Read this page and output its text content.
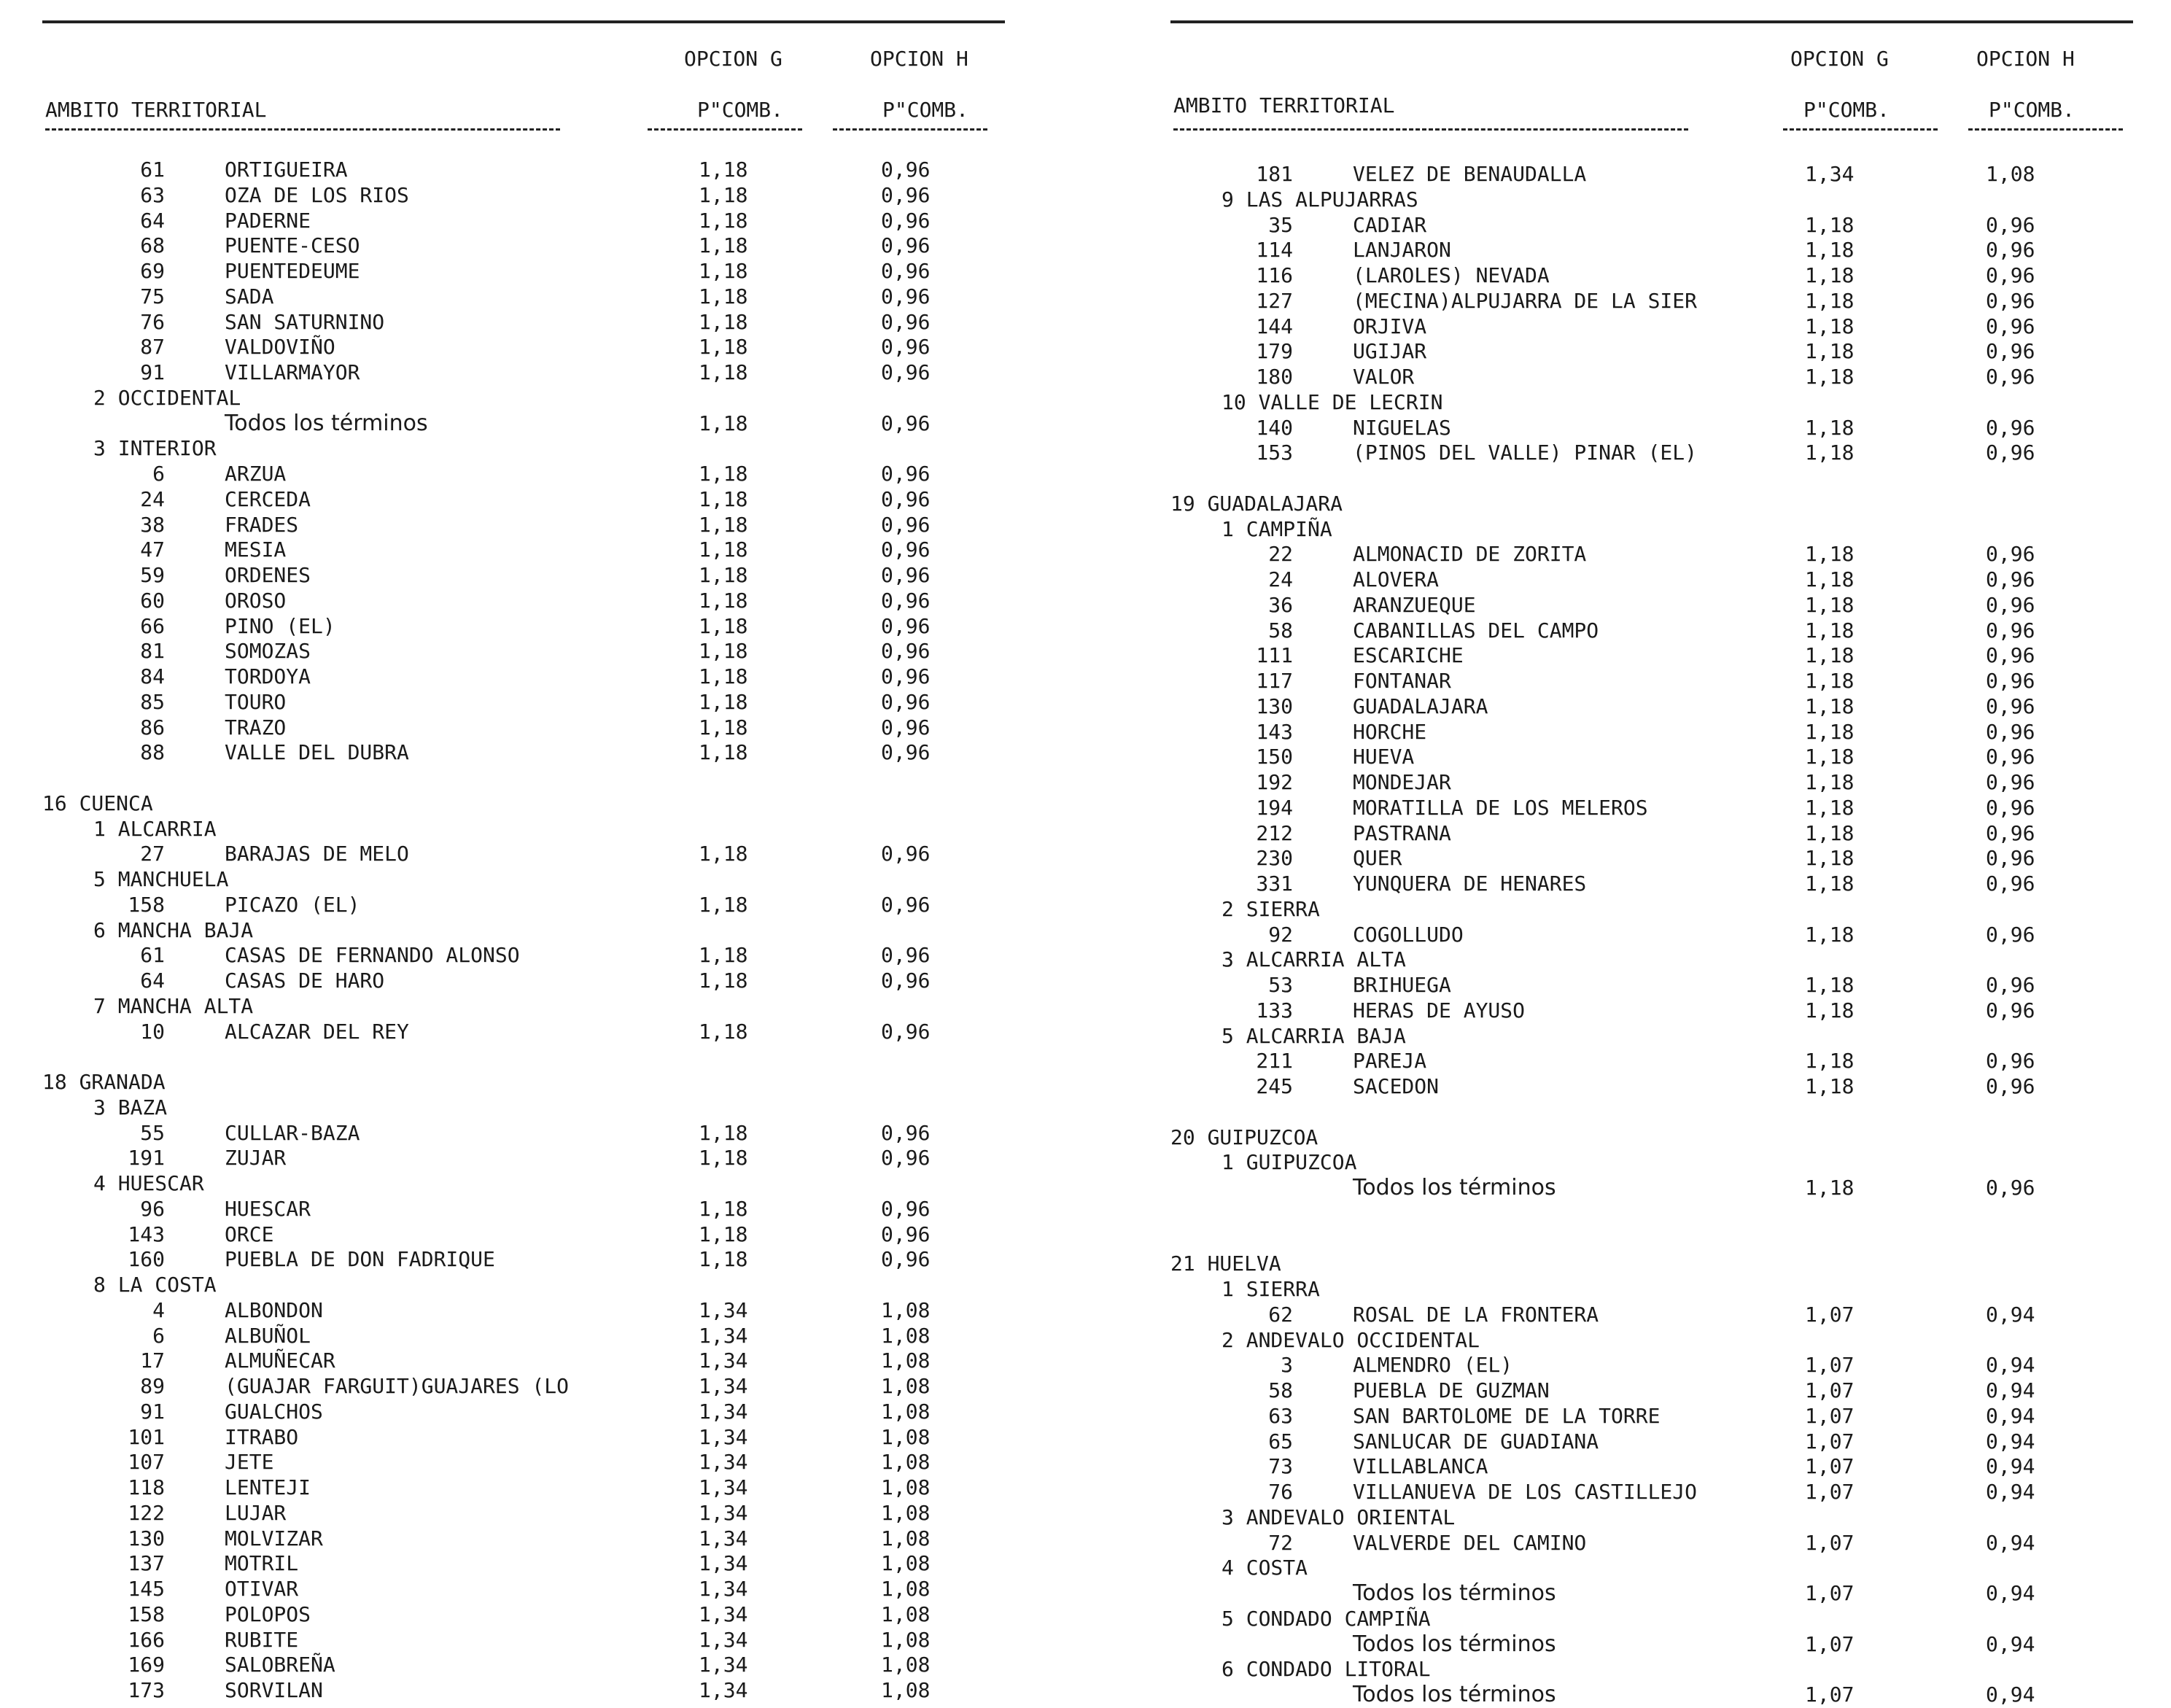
OPCION G	OPCION H
AMBITO TERRITORIAL	P"COMB.	P"COMB.
61	ORTIGUEIRA	1,18	0,96
63	OZA DE LOS RIOS	1,18	0,96
64	PADERNE	1,18	0,96
68	PUENTE-CESO	1,18	0,96
69	PUENTEDEUME	1,18	0,96
75	SADA	1,18	0,96
76	SAN SATURNINO	1,18	0,96
87	VALDOVIÑO	1,18	0,96
91	VILLARMAYOR	1,18	0,96
2 OCCIDENTAL
Todos los términos	1,18	0,96
3 INTERIOR
6	ARZUA	1,18	0,96
24	CERCEDA	1,18	0,96
38	FRADES	1,18	0,96
47	MESIA	1,18	0,96
59	ORDENES	1,18	0,96
60	OROSO	1,18	0,96
66	PINO (EL)	1,18	0,96
81	SOMOZAS	1,18	0,96
84	TORDOYA	1,18	0,96
85	TOURO	1,18	0,96
86	TRAZO	1,18	0,96
88	VALLE DEL DUBRA	1,18	0,96
16 CUENCA
1 ALCARRIA
27	BARAJAS DE MELO	1,18	0,96
5 MANCHUELA
158	PICAZO (EL)	1,18	0,96
6 MANCHA BAJA
61	CASAS DE FERNANDO ALONSO	1,18	0,96
64	CASAS DE HARO	1,18	0,96
7 MANCHA ALTA
10	ALCAZAR DEL REY	1,18	0,96
18 GRANADA
3 BAZA
55	CULLAR-BAZA	1,18	0,96
191	ZUJAR	1,18	0,96
4 HUESCAR
96	HUESCAR	1,18	0,96
143	ORCE	1,18	0,96
160	PUEBLA DE DON FADRIQUE	1,18	0,96
8 LA COSTA
4	ALBONDON	1,34	1,08
6	ALBUÑOL	1,34	1,08
17	ALMUÑECAR	1,34	1,08
89	(GUAJAR FARGUIT)GUAJARES (LO	1,34	1,08
91	GUALCHOS	1,34	1,08
101	ITRABO	1,34	1,08
107	JETE	1,34	1,08
118	LENTEJI	1,34	1,08
122	LUJAR	1,34	1,08
130	MOLVIZAR	1,34	1,08
137	MOTRIL	1,34	1,08
145	OTIVAR	1,34	1,08
158	POLOPOS	1,34	1,08
166	RUBITE	1,34	1,08
169	SALOBREÑA	1,34	1,08
173	SORVILAN	1,34	1,08
OPCION G	OPCION H
AMBITO TERRITORIAL	P"COMB.	P"COMB.
181	VELEZ DE BENAUDALLA	1,34	1,08
9 LAS ALPUJARRAS
35	CADIAR	1,18	0,96
114	LANJARON	1,18	0,96
116	(LAROLES) NEVADA	1,18	0,96
127	(MECINA)ALPUJARRA DE LA SIER	1,18	0,96
144	ORJIVA	1,18	0,96
179	UGIJAR	1,18	0,96
180	VALOR	1,18	0,96
10 VALLE DE LECRIN
140	NIGUELAS	1,18	0,96
153	(PINOS DEL VALLE) PINAR (EL)	1,18	0,96
19 GUADALAJARA
1 CAMPIÑA
22	ALMONACID DE ZORITA	1,18	0,96
24	ALOVERA	1,18	0,96
36	ARANZUEQUE	1,18	0,96
58	CABANILLAS DEL CAMPO	1,18	0,96
111	ESCARICHE	1,18	0,96
117	FONTANAR	1,18	0,96
130	GUADALAJARA	1,18	0,96
143	HORCHE	1,18	0,96
150	HUEVA	1,18	0,96
192	MONDEJAR	1,18	0,96
194	MORATILLA DE LOS MELEROS	1,18	0,96
212	PASTRANA	1,18	0,96
230	QUER	1,18	0,96
331	YUNQUERA DE HENARES	1,18	0,96
2 SIERRA
92	COGOLLUDO	1,18	0,96
3 ALCARRIA ALTA
53	BRIHUEGA	1,18	0,96
133	HERAS DE AYUSO	1,18	0,96
5 ALCARRIA BAJA
211	PAREJA	1,18	0,96
245	SACEDON	1,18	0,96
20 GUIPUZCOA
1 GUIPUZCOA
Todos los términos	1,18	0,96
21 HUELVA
1 SIERRA
62	ROSAL DE LA FRONTERA	1,07	0,94
2 ANDEVALO OCCIDENTAL
3	ALMENDRO (EL)	1,07	0,94
58	PUEBLA DE GUZMAN	1,07	0,94
63	SAN BARTOLOME DE LA TORRE	1,07	0,94
65	SANLUCAR DE GUADIANA	1,07	0,94
73	VILLABLANCA	1,07	0,94
76	VILLANUEVA DE LOS CASTILLEJO	1,07	0,94
3 ANDEVALO ORIENTAL
72	VALVERDE DEL CAMINO	1,07	0,94
4 COSTA
Todos los términos	1,07	0,94
5 CONDADO CAMPIÑA
Todos los términos	1,07	0,94
6 CONDADO LITORAL
Todos los términos	1,07	0,94
